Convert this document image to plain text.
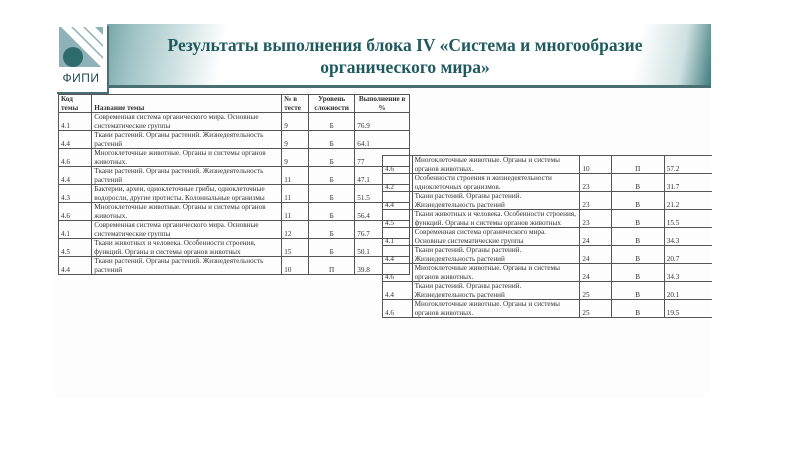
ФИПИ
Результаты выполнения блока IV «Система и многообразие органического мира»
Код темы	Название темы	№ в тесте	Уровень сложности	Выполнение в %
4.1	Современная система органического мира. Основные систематические группы	9	Б	76.9
4.4	Ткани растений. Органы растений. Жизнедеятельность растений	9	Б	64.1
4.6	Многоклеточные животные. Органы и системы органов животных.	9	Б	77
4.4	Ткани растений. Органы растений. Жизнедеятельность растений	11	Б	47.1
4.3	Бактерии, археи, одноклеточные грибы, одноклеточные водоросли, другие протисты. Колониальные организмы	11	Б	51.5
4.6	Многоклеточные животные. Органы и системы органов животных.	11	Б	56.4
4.1	Современная система органического мира. Основные систематические группы	12	Б	76.7
4.5	Ткани животных и человека. Особенности строения, функций. Органы и системы органов животных	15	Б	50.1
4.4	Ткани растений. Органы растений. Жизнедеятельность растений	10	П	39.8
4.6	Многоклеточные животные. Органы и системы органов животных.	10	П	57.2
4.2	Особенности строения и жизнедеятельности одноклеточных организмов.	23	В	31.7
4.4	Ткани растений. Органы растений. Жизнедеятельность растений	23	В	21.2
4.5	Ткани животных и человека. Особенности строения, функций. Органы и системы органов животных	23	В	15.5
4.1	Современная система органического мира. Основные систематические группы	24	В	34.3
4.4	Ткани растений. Органы растений. Жизнедеятельность растений	24	В	20.7
4.6	Многоклеточные животные. Органы и системы органов животных.	24	В	34.3
4.4	Ткани растений. Органы растений. Жизнедеятельность растений	25	В	20.1
4.6	Многоклеточные животные. Органы и системы органов животных.	25	В	19.5
